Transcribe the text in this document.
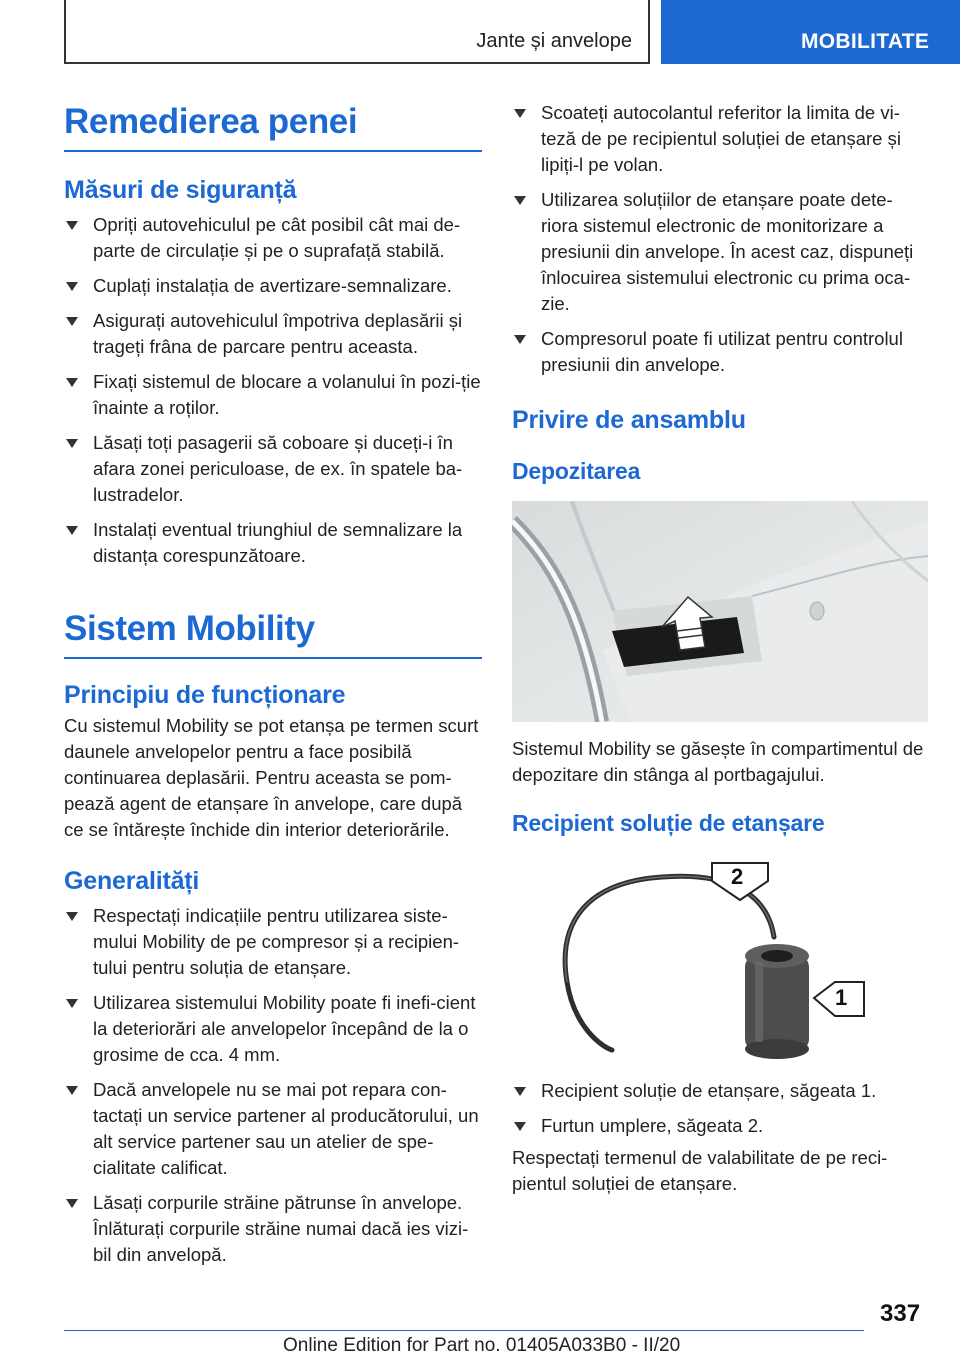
Jante și anvelope	MOBILITATE
Remedierea penei
Măsuri de siguranță
Opriți autovehiculul pe cât posibil cât mai de-parte de circulație și pe o suprafață stabilă.
Cuplați instalația de avertizare-semnalizare.
Asigurați autovehiculul împotriva deplasării și trageți frâna de parcare pentru aceasta.
Fixați sistemul de blocare a volanului în pozi-ție înainte a roților.
Lăsați toți pasagerii să coboare și duceți-i în afara zonei periculoase, de ex. în spatele ba-lustradelor.
Instalați eventual triunghiul de semnalizare la distanța corespunzătoare.
Sistem Mobility
Principiu de funcționare

Cu sistemul Mobility se pot etanșa pe termen scurt daunele anvelopelor pentru a face posibilă continuarea deplasării. Pentru aceasta se pom-pează agent de etanșare în anvelope, care după ce se întărește închide din interior deteriorările.

Generalități
Respectați indicațiile pentru utilizarea siste-mului Mobility de pe compresor și a recipien-tului pentru soluția de etanșare.
Utilizarea sistemului Mobility poate fi inefi-cient la deteriorări ale anvelopelor începând de la o grosime de cca. 4 mm.
Dacă anvelopele nu se mai pot repara con-tactați un service partener al producătorului, un alt service partener sau un atelier de spe-cialitate calificat.
Lăsați corpurile străine pătrunse în anvelope. Înlăturați corpurile străine numai dacă ies vizi-bil din anvelopă.
Scoateți autocolantul referitor la limita de vi-teză de pe recipientul soluției de etanșare și lipiți-l pe volan.
Utilizarea soluțiilor de etanșare poate dete-riora sistemul electronic de monitorizare a presiunii din anvelope. În acest caz, dispuneți înlocuirea sistemului electronic cu prima oca-zie.
Compresorul poate fi utilizat pentru controlul presiunii din anvelope.
Privire de ansamblu
Depozitarea

Sistemul Mobility se găsește în compartimentul de depozitare din stânga al portbagajului.

Recipient soluție de etanșare
2
1
Recipient soluție de etanșare, săgeata 1.
Furtun umplere, săgeata 2.

Respectați termenul de valabilitate de pe reci-pientul soluției de etanșare.

337
Online Edition for Part no. 01405A033B0 - II/20
